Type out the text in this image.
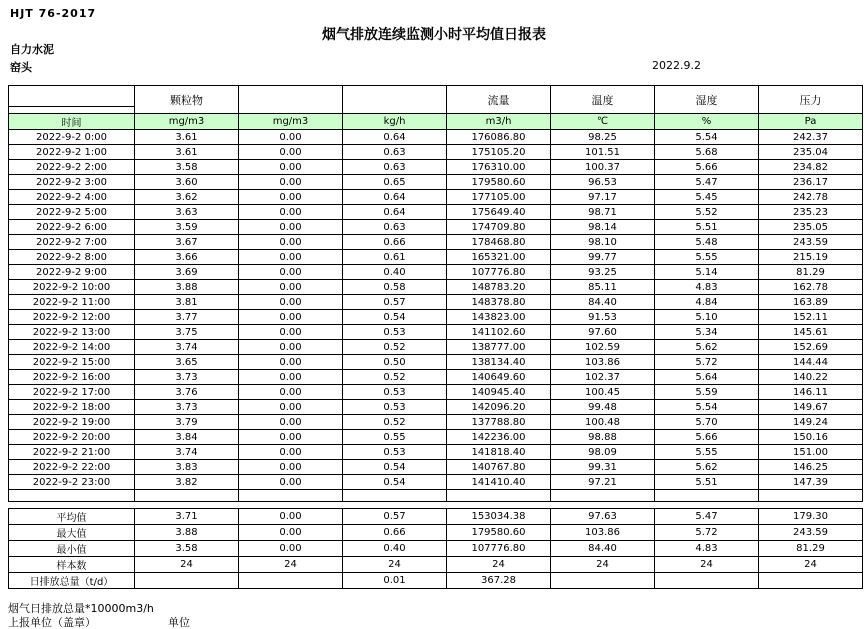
HJT 76-2017
烟气排放连续监测小时平均值日报表
自力水泥
窑头	2022.9.2
	颗粒物			流量	温度	湿度	压力
时间	mg/m3	mg/m3	kg/h	m3/h	℃	%	Pa
2022-9-2 0:00	3.61	0.00	0.64	176086.80	98.25	5.54	242.37
2022-9-2 1:00	3.61	0.00	0.63	175105.20	101.51	5.68	235.04
2022-9-2 2:00	3.58	0.00	0.63	176310.00	100.37	5.66	234.82
2022-9-2 3:00	3.60	0.00	0.65	179580.60	96.53	5.47	236.17
2022-9-2 4:00	3.62	0.00	0.64	177105.00	97.17	5.45	242.78
2022-9-2 5:00	3.63	0.00	0.64	175649.40	98.71	5.52	235.23
2022-9-2 6:00	3.59	0.00	0.63	174709.80	98.14	5.51	235.05
2022-9-2 7:00	3.67	0.00	0.66	178468.80	98.10	5.48	243.59
2022-9-2 8:00	3.66	0.00	0.61	165321.00	99.77	5.55	215.19
2022-9-2 9:00	3.69	0.00	0.40	107776.80	93.25	5.14	81.29
2022-9-2 10:00	3.88	0.00	0.58	148783.20	85.11	4.83	162.78
2022-9-2 11:00	3.81	0.00	0.57	148378.80	84.40	4.84	163.89
2022-9-2 12:00	3.77	0.00	0.54	143823.00	91.53	5.10	152.11
2022-9-2 13:00	3.75	0.00	0.53	141102.60	97.60	5.34	145.61
2022-9-2 14:00	3.74	0.00	0.52	138777.00	102.59	5.62	152.69
2022-9-2 15:00	3.65	0.00	0.50	138134.40	103.86	5.72	144.44
2022-9-2 16:00	3.73	0.00	0.52	140649.60	102.37	5.64	140.22
2022-9-2 17:00	3.76	0.00	0.53	140945.40	100.45	5.59	146.11
2022-9-2 18:00	3.73	0.00	0.53	142096.20	99.48	5.54	149.67
2022-9-2 19:00	3.79	0.00	0.52	137788.80	100.48	5.70	149.24
2022-9-2 20:00	3.84	0.00	0.55	142236.00	98.88	5.66	150.16
2022-9-2 21:00	3.74	0.00	0.53	141818.40	98.09	5.55	151.00
2022-9-2 22:00	3.83	0.00	0.54	140767.80	99.31	5.62	146.25
2022-9-2 23:00	3.82	0.00	0.54	141410.40	97.21	5.51	147.39

平均值	3.71	0.00	0.57	153034.38	97.63	5.47	179.30
最大值	3.88	0.00	0.66	179580.60	103.86	5.72	243.59
最小值	3.58	0.00	0.40	107776.80	84.40	4.83	81.29
样本数	24	24	24	24	24	24	24
日排放总量（t/d）			0.01	367.28			
烟气日排放总量*10000m3/h
上报单位（盖章）	单位
